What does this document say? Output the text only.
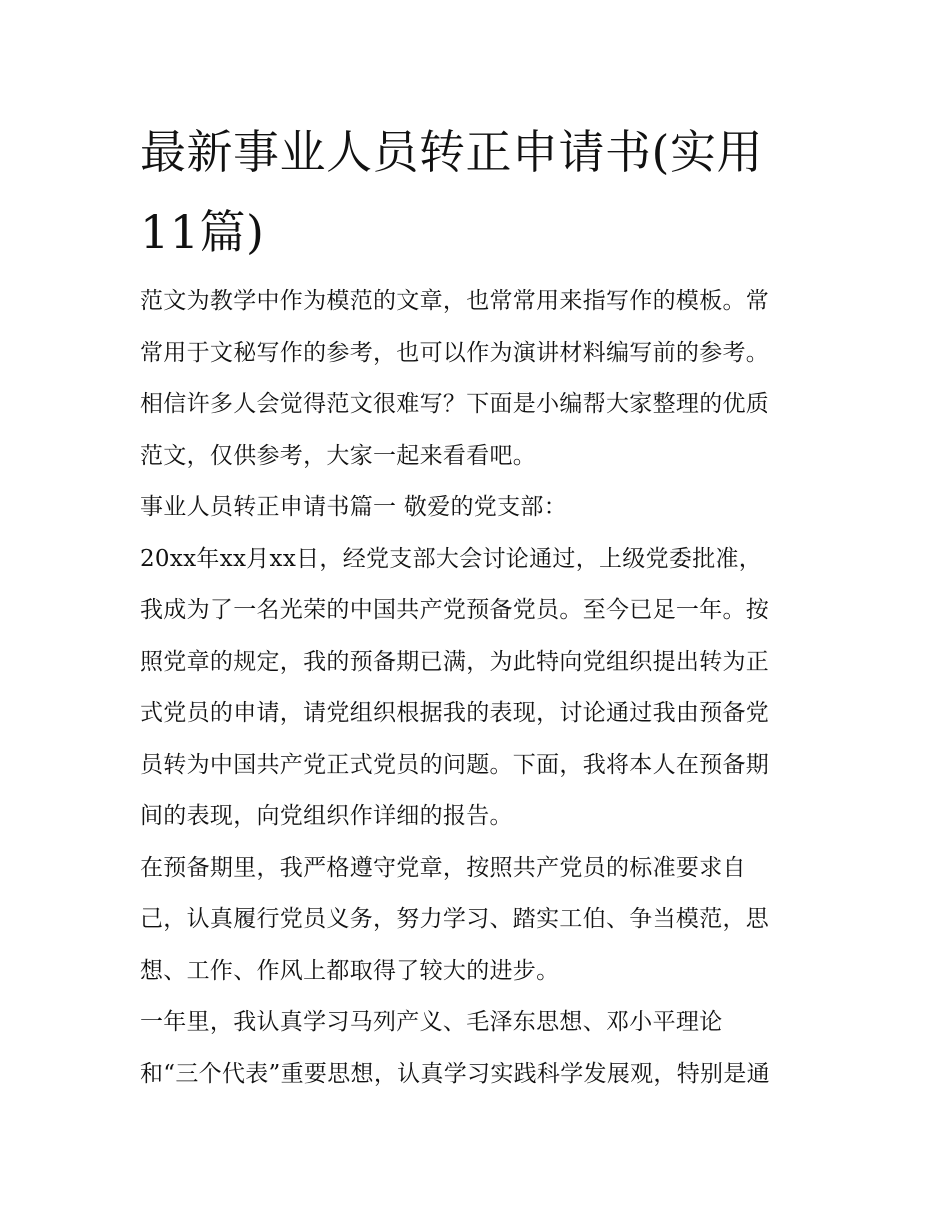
最新事业人员转正申请书(实用
11篇)
范文为教学中作为模范的文章，也常常用来指写作的模板。常
常用于文秘写作的参考，也可以作为演讲材料编写前的参考。
相信许多人会觉得范文很难写？下面是小编帮大家整理的优质
范文，仅供参考，大家一起来看看吧。
事业人员转正申请书篇一 敬爱的党支部：
20xx年xx月xx日，经党支部大会讨论通过，上级党委批准，
我成为了一名光荣的中国共产党预备党员。至今已足一年。按
照党章的规定，我的预备期已满，为此特向党组织提出转为正
式党员的申请，请党组织根据我的表现，讨论通过我由预备党
员转为中国共产党正式党员的问题。下面，我将本人在预备期
间的表现，向党组织作详细的报告。
在预备期里，我严格遵守党章，按照共产党员的标准要求自
己，认真履行党员义务，努力学习、踏实工伯、争当模范，思
想、工作、作风上都取得了较大的进步。
一年里，我认真学习马列产义、毛泽东思想、邓小平理论
和“三个代表”重要思想，认真学习实践科学发展观，特别是通
